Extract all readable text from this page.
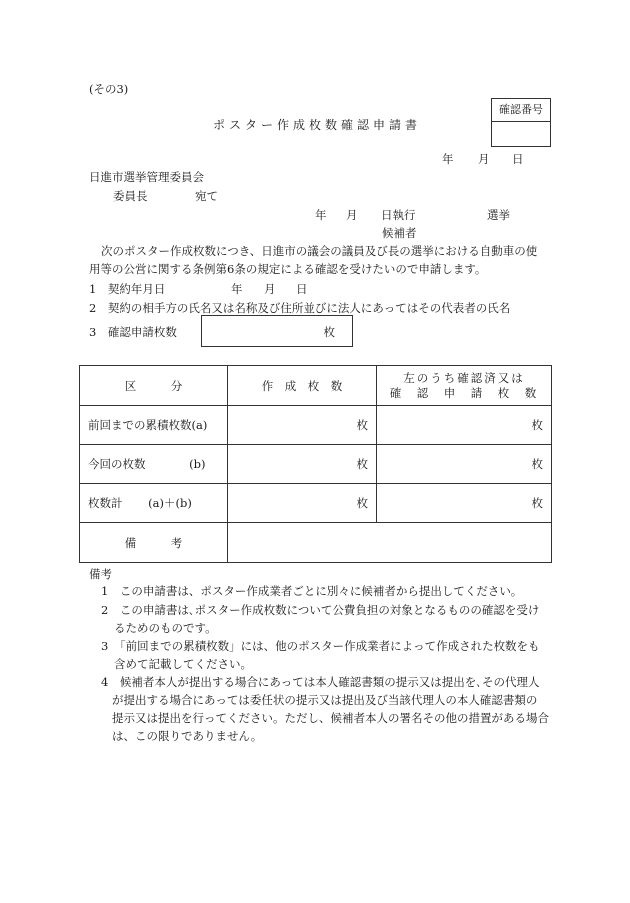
(その3)
ポスター作成枚数確認申請書
確認番号
年 月 日
日進市選挙管理委員会
委員長	宛て
年 月 日執行	選挙
候補者
次のポスター作成枚数につき、日進市の議会の議員及び長の選挙における自動車の使
用等の公営に関する条例第6条の規定による確認を受けたいので申請します。
1　契約年月日	年 月 日
2　契約の相手方の氏名又は名称及び住所並びに法人にあってはその代表者の氏名
3　確認申請枚数	枚
区　　　分	作　成　枚　数	左のうち確認済又は
確　認　申　請　枚　数

前回までの累積枚数(a)	枚	枚
今回の枚数 (b)	枚	枚
枚数計 (a)＋(b)	枚	枚
備　　　考		
備考
1　この申請書は、ポスター作成業者ごとに別々に候補者から提出してください。
2　この申請書は､ポスター作成枚数について公費負担の対象となるものの確認を受け
るためのものです。
3　「前回までの累積枚数」には、他のポスター作成業者によって作成された枚数をも
含めて記載してください。
4　候補者本人が提出する場合にあっては本人確認書類の提示又は提出を､その代理人
が提出する場合にあっては委任状の提示又は提出及び当該代理人の本人確認書類の
提示又は提出を行ってください。ただし、候補者本人の署名その他の措置がある場合
は、この限りでありません。
